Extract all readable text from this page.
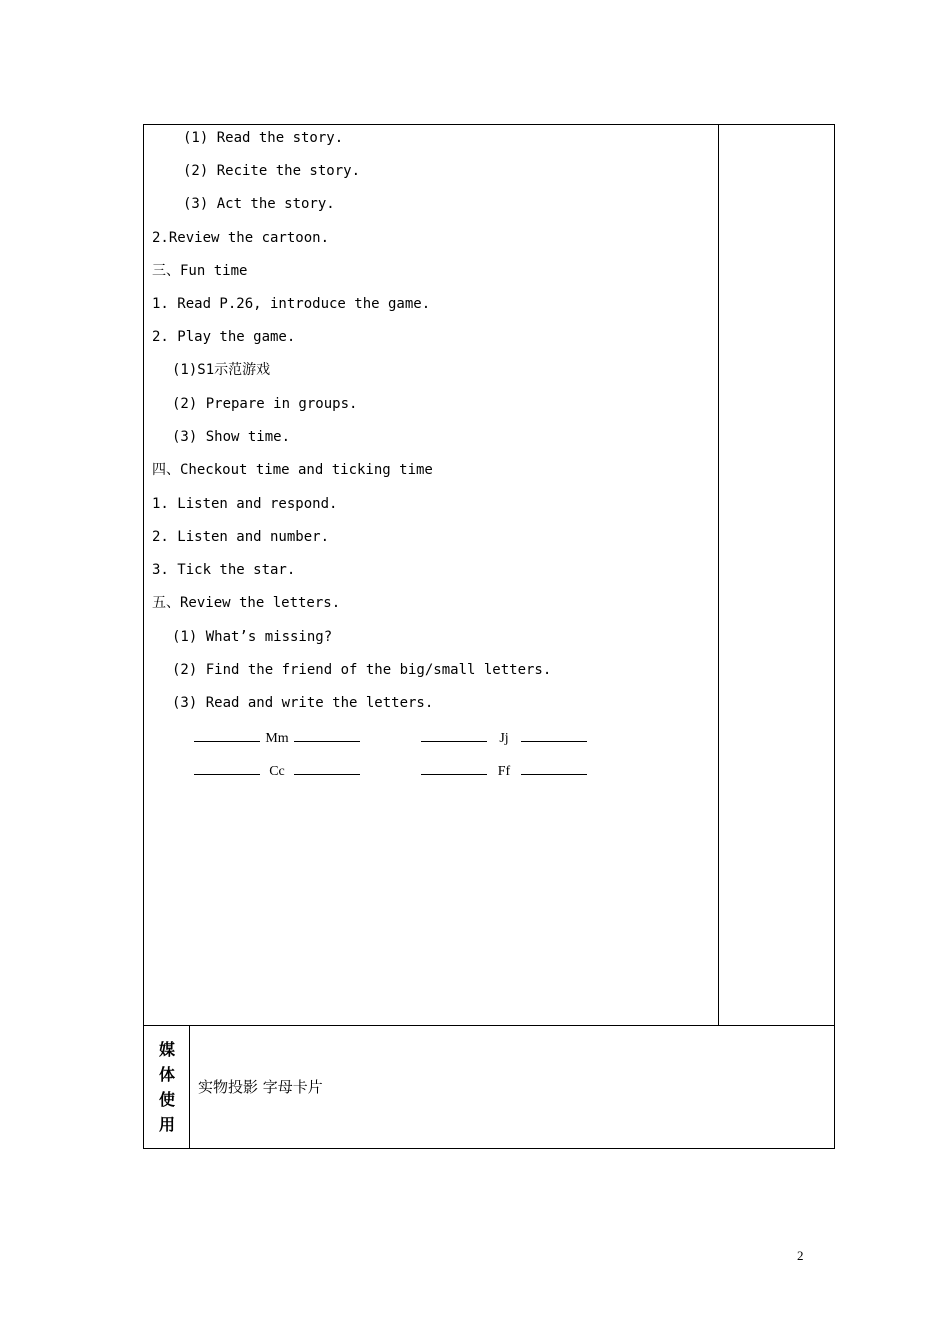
(1) Read the story.
(2) Recite the story.
(3) Act the story.
2.Review the cartoon.
三、Fun time
1. Read P.26, introduce the game.
2. Play the game.
(1)S1示范游戏
(2) Prepare in groups.
(3) Show time.
四、Checkout time and ticking time
1. Listen and respond.
2. Listen and number.
3. Tick the star.
五、Review the letters.
(1) What’s missing?
(2) Find the friend of the big/small letters.
(3) Read and write the letters.
Mm	Jj
Cc	Ff
媒
体
使
用
实物投影 字母卡片
2
